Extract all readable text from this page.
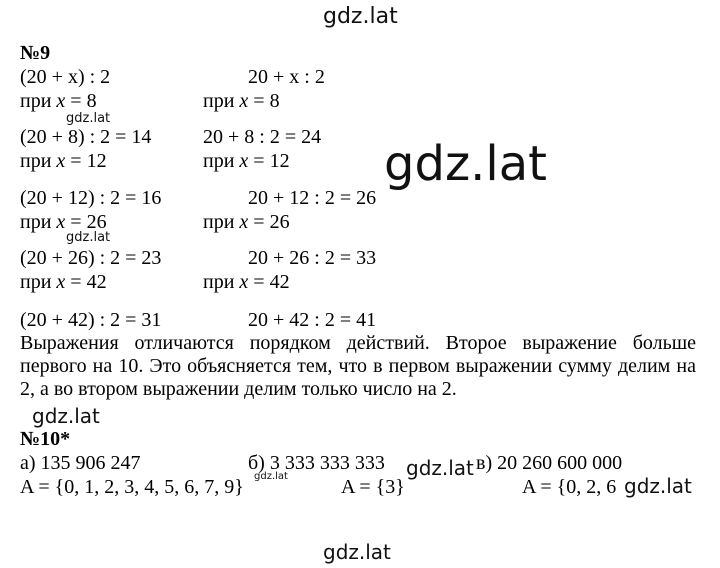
gdz.lat
gdz.lat
gdz.lat
gdz.lat
gdz.lat
gdz.lat	gdz.lat
gdz.lat
№9
(20 + x) : 2	20 + x : 2
при x = 8	при x = 8
(20 + 8) : 2 = 14	20 + 8 : 2 = 24
при x = 12	при x = 12
(20 + 12) : 2 = 16	20 + 12 : 2 = 26
при x = 26	при x = 26
(20 + 26) : 2 = 23	20 + 26 : 2 = 33
при x = 42	при x = 42
(20 + 42) : 2 = 31	20 + 42 : 2 = 41
Выражения отличаются порядком действий. Второе выражение больше первого на 10. Это объясняется тем, что в первом выражении сумму делим на 2, а во втором выражении делим только число на 2.
№10*
а) 135 906 247	б) 3 333 333 333	в) 20 260 600 000
A = {0, 1, 2, 3, 4, 5, 6, 7, 9}	A = {3}	A = {0, 2, 6 gdz.lat
